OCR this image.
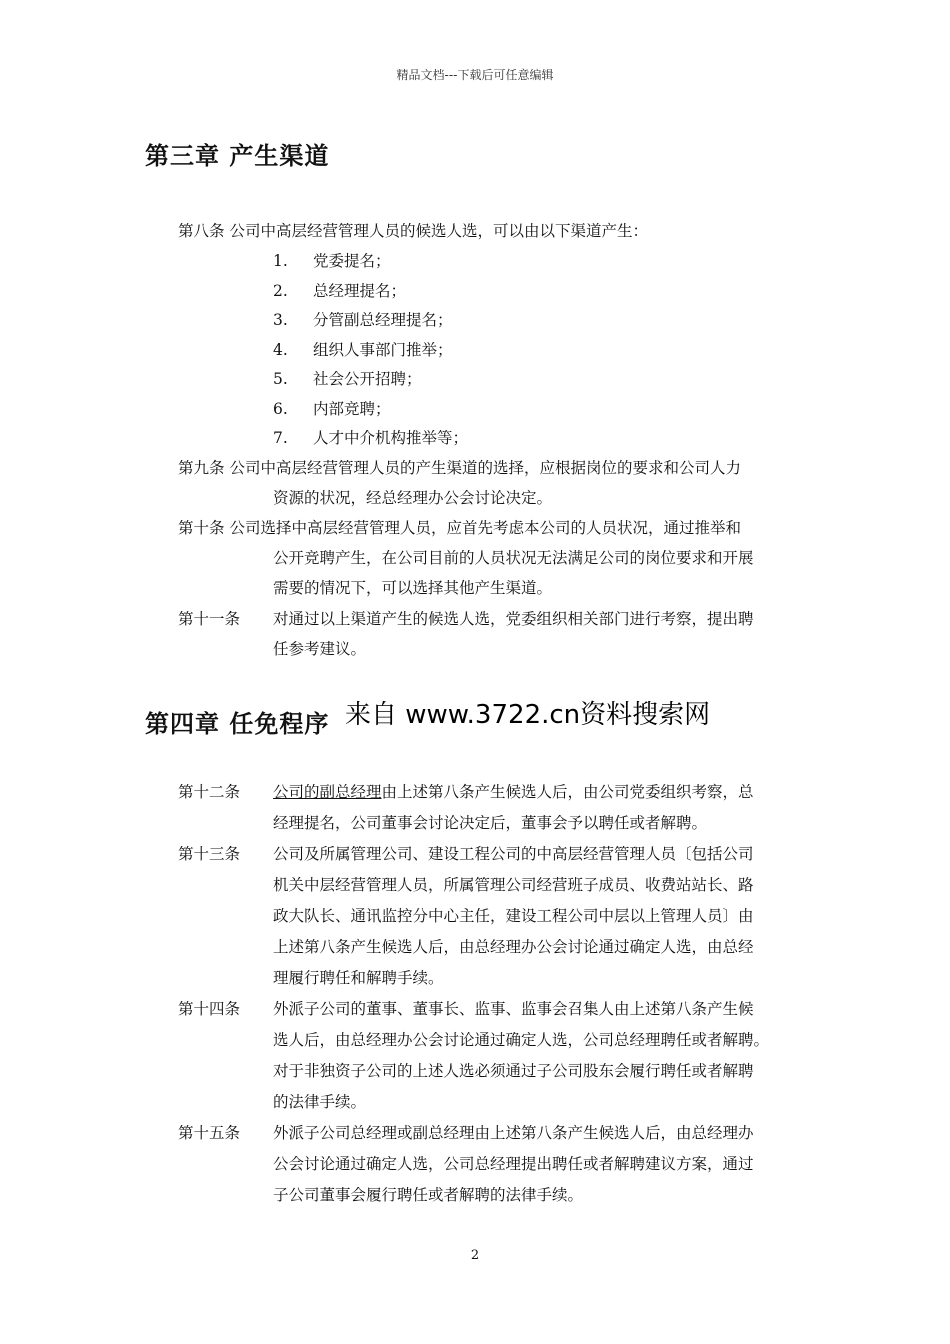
精品文档---下载后可任意编辑
第三章 产生渠道
第八条 公司中高层经营管理人员的候选人选，可以由以下渠道产生：
1. 党委提名；
2. 总经理提名；
3. 分管副总经理提名；
4. 组织人事部门推举；
5. 社会公开招聘；
6. 内部竞聘；
7. 人才中介机构推举等；
第九条 公司中高层经营管理人员的产生渠道的选择，应根据岗位的要求和公司人力
资源的状况，经总经理办公会讨论决定。
第十条 公司选择中高层经营管理人员，应首先考虑本公司的人员状况，通过推举和
公开竞聘产生，在公司目前的人员状况无法满足公司的岗位要求和开展
需要的情况下，可以选择其他产生渠道。
第十一条 对通过以上渠道产生的候选人选，党委组织相关部门进行考察，提出聘
任参考建议。
第四章 任免程序 来自 www.3722.cn资料搜索网
第十二条 公司的副总经理由上述第八条产生候选人后，由公司党委组织考察，总
经理提名，公司董事会讨论决定后，董事会予以聘任或者解聘。
第十三条 公司及所属管理公司、建设工程公司的中高层经营管理人员〔包括公司
机关中层经营管理人员，所属管理公司经营班子成员、收费站站长、路
政大队长、通讯监控分中心主任，建设工程公司中层以上管理人员〕由
上述第八条产生候选人后，由总经理办公会讨论通过确定人选，由总经
理履行聘任和解聘手续。
第十四条 外派子公司的董事、董事长、监事、监事会召集人由上述第八条产生候
选人后，由总经理办公会讨论通过确定人选，公司总经理聘任或者解聘。
对于非独资子公司的上述人选必须通过子公司股东会履行聘任或者解聘
的法律手续。
第十五条 外派子公司总经理或副总经理由上述第八条产生候选人后，由总经理办
公会讨论通过确定人选，公司总经理提出聘任或者解聘建议方案，通过
子公司董事会履行聘任或者解聘的法律手续。
2
